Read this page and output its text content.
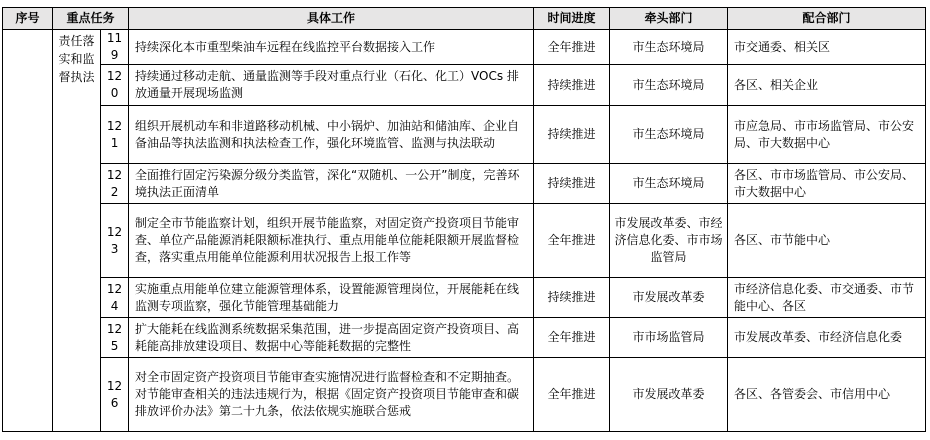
序号	重点任务		具体工作	时间进度	牵头部门	配合部门
	责任落实和监督执法	119	持续深化本市重型柴油车远程在线监控平台数据接入工作	全年推进	市生态环境局	市交通委、相关区
		120	持续通过移动走航、通量监测等手段对重点行业（石化、化工）VOCs 排放通量开展现场监测	持续推进	市生态环境局	各区、相关企业
		121	组织开展机动车和非道路移动机械、中小锅炉、加油站和储油库、企业自备油品等执法监测和执法检查工作，强化环境监管、监测与执法联动	持续推进	市生态环境局	市应急局、市市场监管局、市公安局、市大数据中心
		122	全面推行固定污染源分级分类监管，深化“双随机、一公开”制度，完善环境执法正面清单	持续推进	市生态环境局	各区、市市场监管局、市公安局、市大数据中心
		123	制定全市节能监察计划，组织开展节能监察，对固定资产投资项目节能审查、单位产品能源消耗限额标准执行、重点用能单位能耗限额开展监督检查，落实重点用能单位能源利用状况报告上报工作等	全年推进	市发展改革委、市经济信息化委、市市场监管局	各区、市节能中心
		124	实施重点用能单位建立能源管理体系，设置能源管理岗位，开展能耗在线监测专项监察，强化节能管理基础能力	持续推进	市发展改革委	市经济信息化委、市交通委、市节能中心、各区
		125	扩大能耗在线监测系统数据采集范围，进一步提高固定资产投资项目、高耗能高排放建设项目、数据中心等能耗数据的完整性	全年推进	市市场监管局	市发展改革委、市经济信息化委
		126	对全市固定资产投资项目节能审查实施情况进行监督检查和不定期抽查。对节能审查相关的违法违规行为，根据《固定资产投资项目节能审查和碳排放评价办法》第二十九条，依法依规实施联合惩戒	全年推进	市发展改革委	各区、各管委会、市信用中心
